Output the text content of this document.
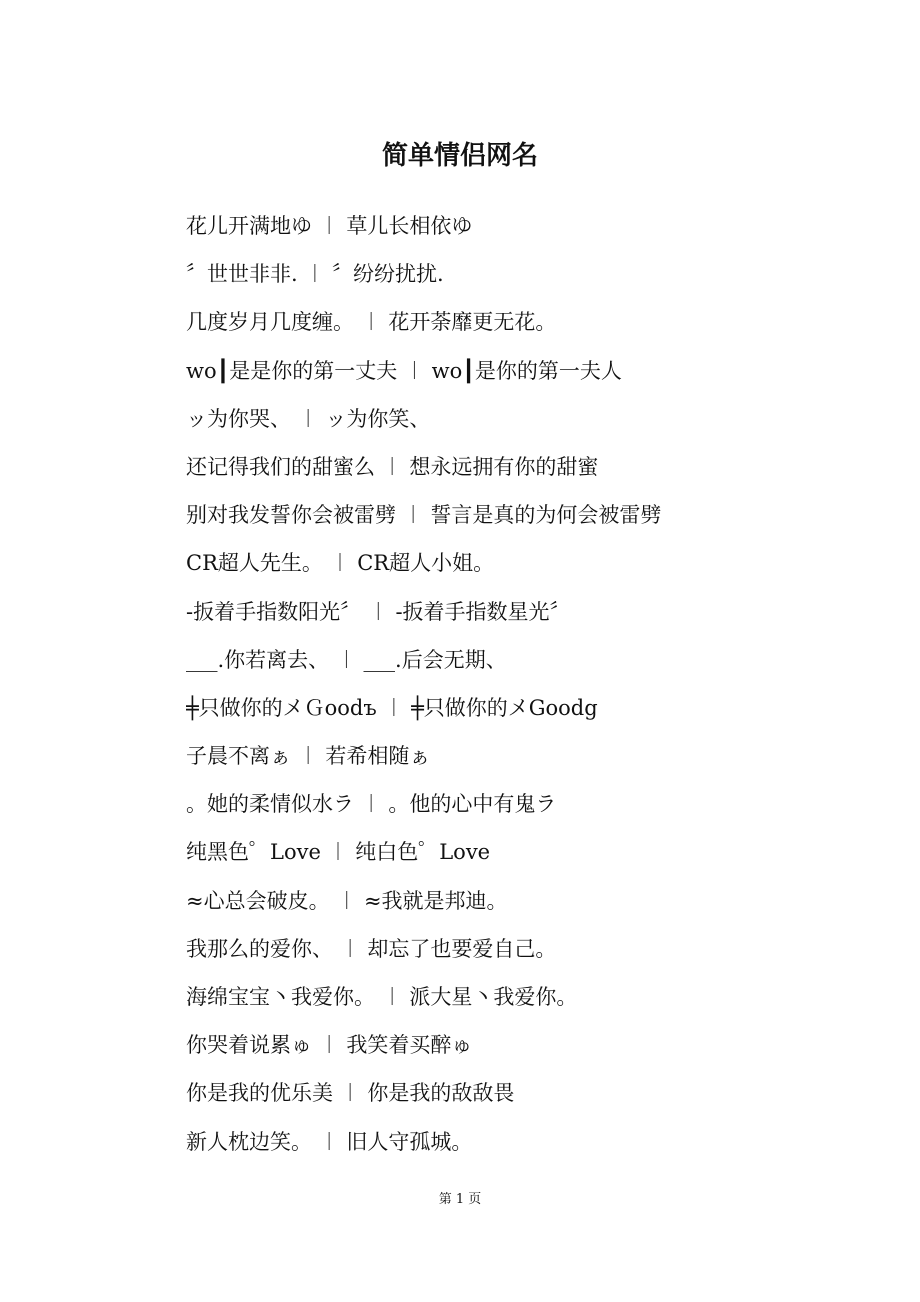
简单情侣网名
花儿开满地ゆ ︱ 草儿长相依ゆ
〞世世非非. ︱ 〞纷纷扰扰.
几度岁月几度缠。 ︱ 花开荼靡更无花。
wo┃是是你的第一丈夫 ︱ wo┃是你的第一夫人
ッ为你哭、 ︱ ッ为你笑、
还记得我们的甜蜜么 ︱ 想永远拥有你的甜蜜
别对我发誓你会被雷劈 ︱ 誓言是真的为何会被雷劈
CR超人先生。 ︱ CR超人小姐。
-扳着手指数阳光〞 ︱ -扳着手指数星光〞
___.你若离去、 ︱ ___.后会无期、
╪只做你的メＧoodъ ︱ ╪只做你的メGoodg
子晨不离ぁ ︱ 若希相随ぁ
。她的柔情似水ラ ︱ 。他的心中有鬼ラ
纯黑色゜Love ︱ 纯白色゜Love
≈心总会破皮。 ︱ ≈我就是邦迪。
我那么的爱你、 ︱ 却忘了也要爱自己。
海绵宝宝丶我爱你。 ︱ 派大星丶我爱你。
你哭着说累ゅ ︱ 我笑着买醉ゅ
你是我的优乐美 ︱ 你是我的敌敌畏
新人枕边笑。 ︱ 旧人守孤城。
第 1 页
